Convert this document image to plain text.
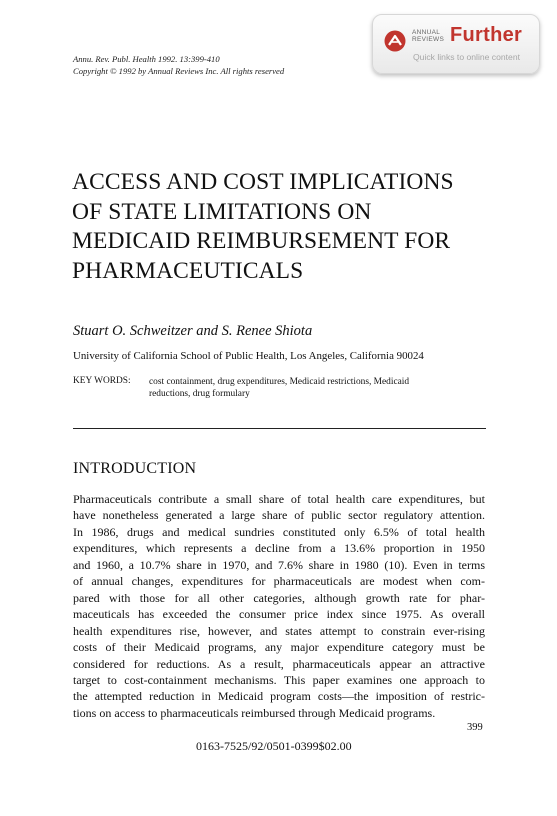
Annu. Rev. Publ. Health 1992. 13:399-410
Copyright © 1992 by Annual Reviews Inc. All rights reserved
ANNUAL
REVIEWS Further
Quick links to online content
ACCESS AND COST IMPLICATIONS
OF STATE LIMITATIONS ON
MEDICAID REIMBURSEMENT FOR
PHARMACEUTICALS
Stuart O. Schweitzer and S. Renee Shiota
University of California School of Public Health, Los Angeles, California 90024
KEY WORDS: cost containment, drug expenditures, Medicaid restrictions, Medicaid
reductions, drug formulary
INTRODUCTION
Pharmaceuticals contribute a small share of total health care expenditures, but
have nonetheless generated a large share of public sector regulatory attention.
In 1986, drugs and medical sundries constituted only 6.5% of total health
expenditures, which represents a decline from a 13.6% proportion in 1950
and 1960, a 10.7% share in 1970, and 7.6% share in 1980 (10). Even in terms
of annual changes, expenditures for pharmaceuticals are modest when com-
pared with those for all other categories, although growth rate for phar-
maceuticals has exceeded the consumer price index since 1975. As overall
health expenditures rise, however, and states attempt to constrain ever-rising
costs of their Medicaid programs, any major expenditure category must be
considered for reductions. As a result, pharmaceuticals appear an attractive
target to cost-containment mechanisms. This paper examines one approach to
the attempted reduction in Medicaid program costs—the imposition of restric-
tions on access to pharmaceuticals reimbursed through Medicaid programs.
399
0163-7525/92/0501-0399$02.00
